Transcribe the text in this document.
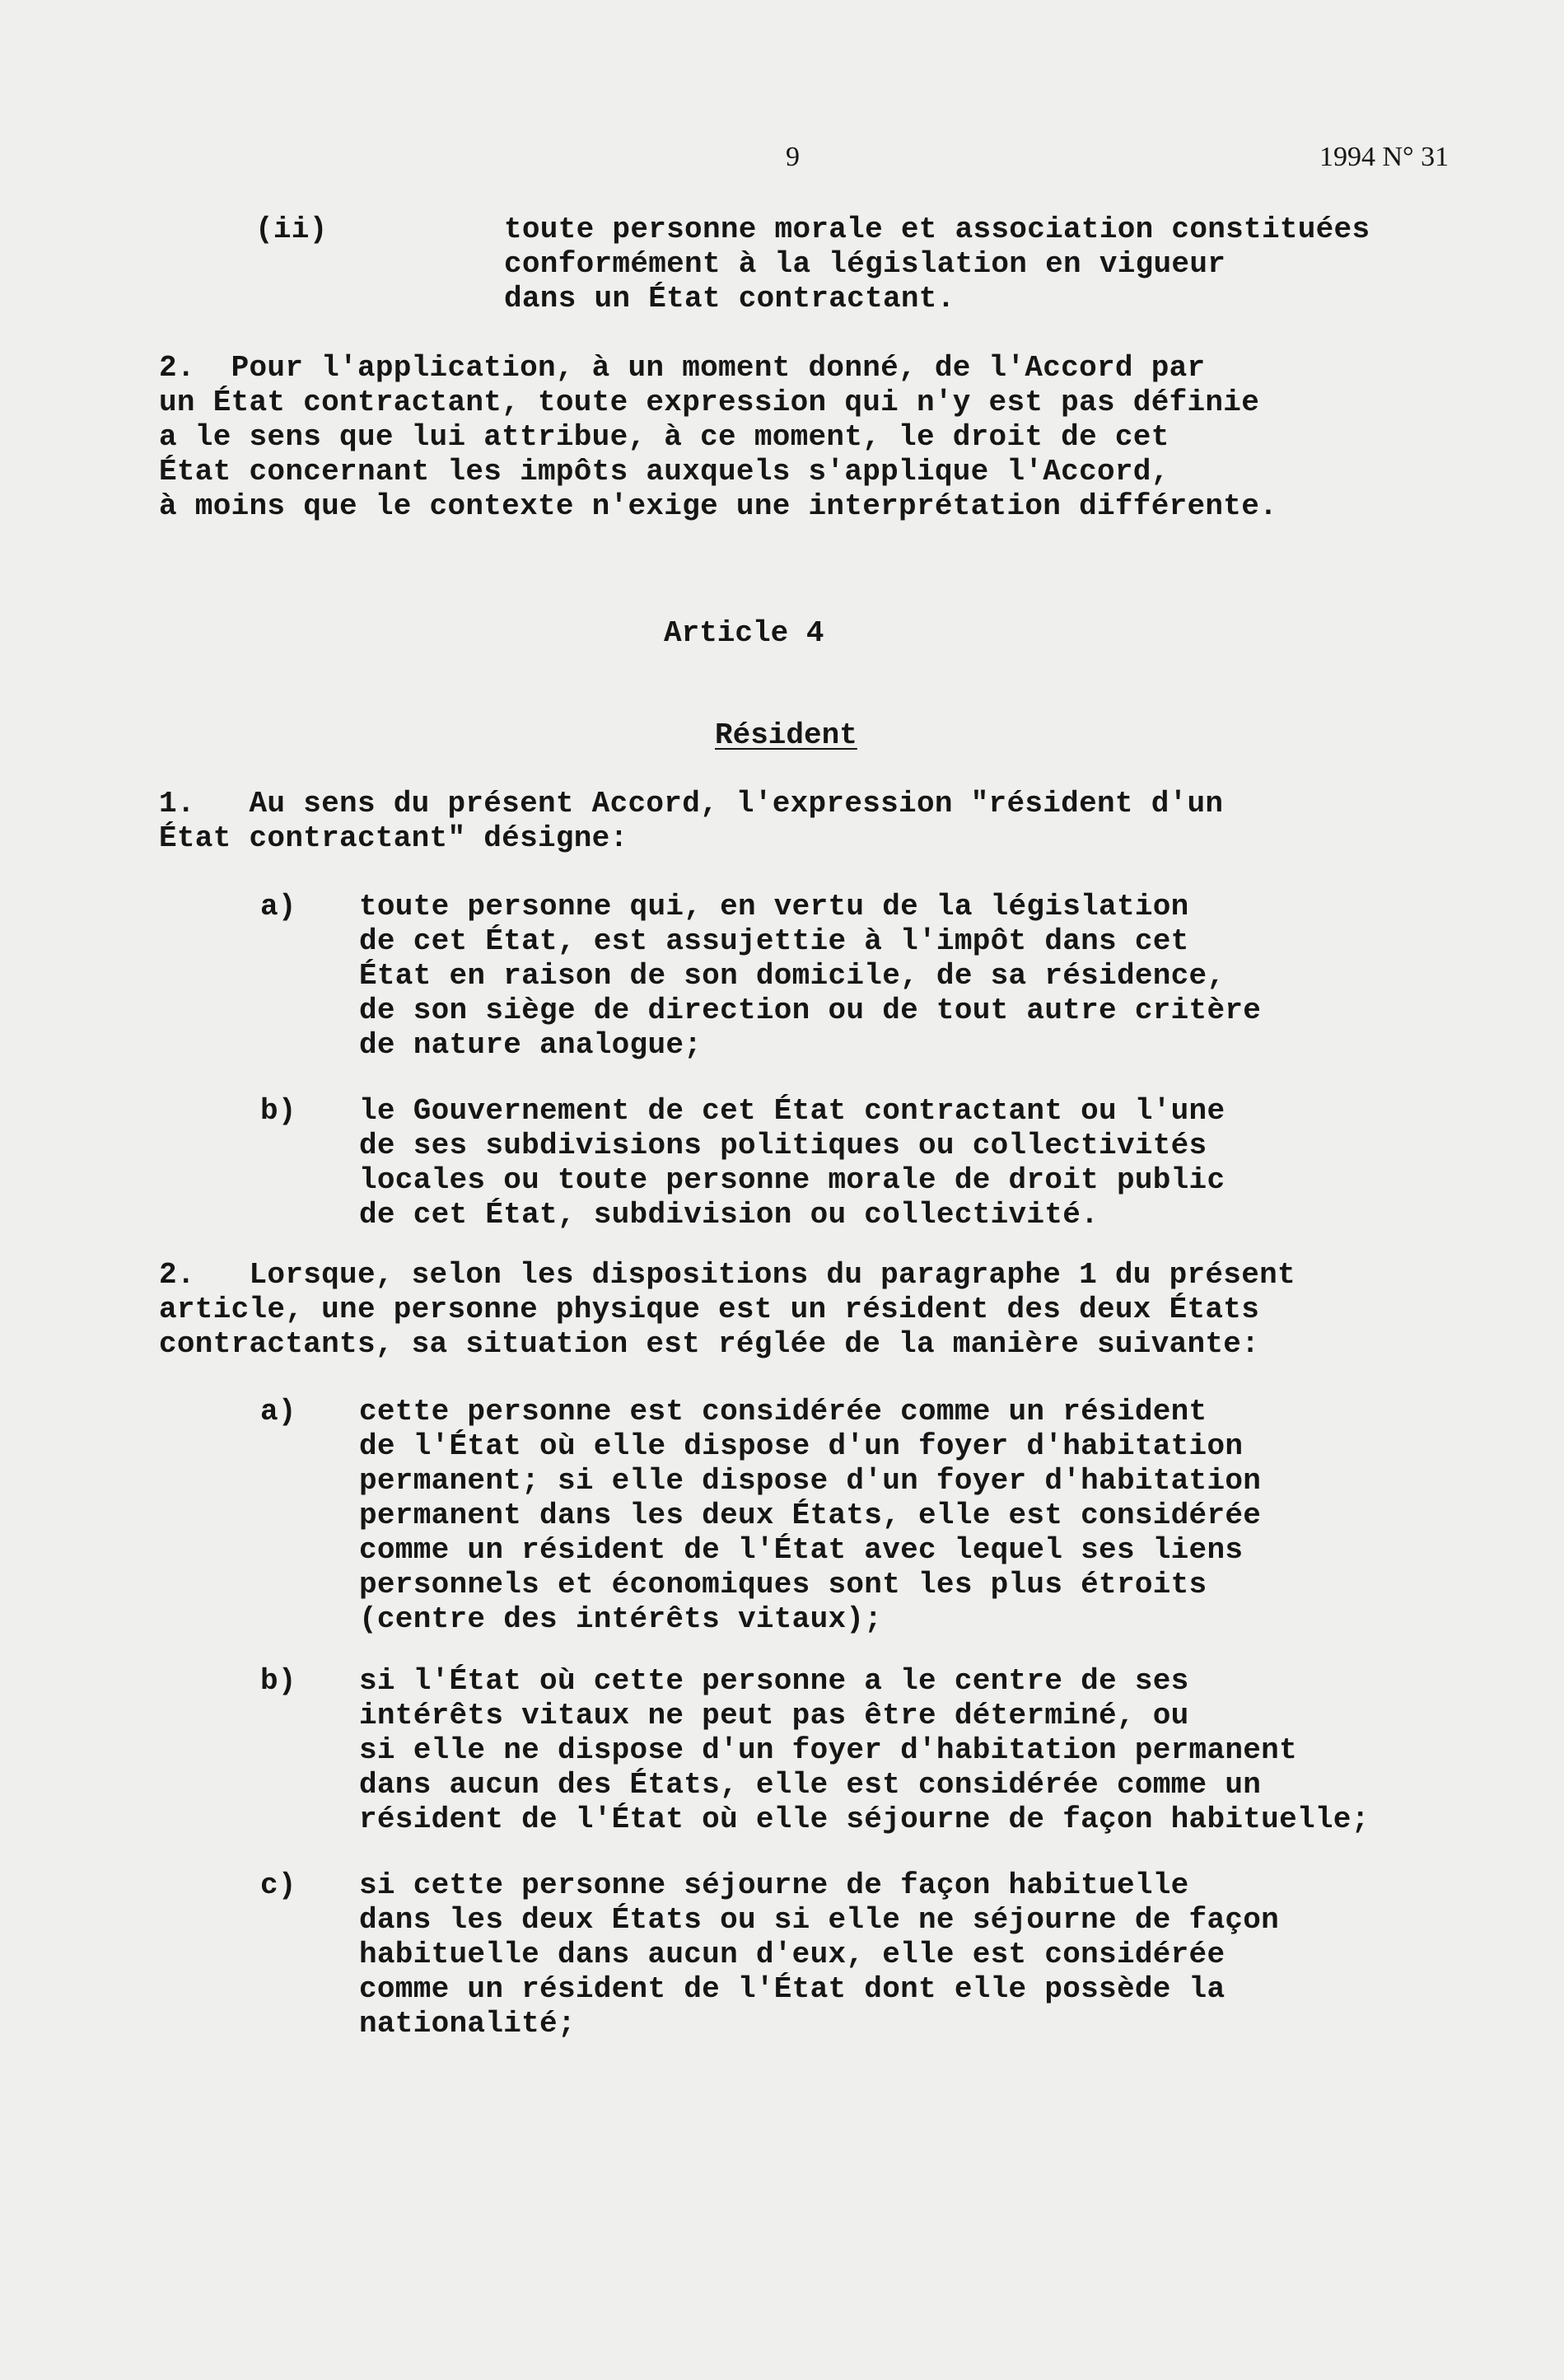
9	1994 N° 31
(ii)	toute personne morale et association constituées
conformément à la législation en vigueur
dans un État contractant.
2.  Pour l'application, à un moment donné, de l'Accord par
un État contractant, toute expression qui n'y est pas définie
a le sens que lui attribue, à ce moment, le droit de cet
État concernant les impôts auxquels s'applique l'Accord,
à moins que le contexte n'exige une interprétation différente.
Article 4
Résident
1.   Au sens du présent Accord, l'expression "résident d'un
État contractant" désigne:
a) toute personne qui, en vertu de la législation
de cet État, est assujettie à l'impôt dans cet
État en raison de son domicile, de sa résidence,
de son siège de direction ou de tout autre critère
de nature analogue;
b) le Gouvernement de cet État contractant ou l'une
de ses subdivisions politiques ou collectivités
locales ou toute personne morale de droit public
de cet État, subdivision ou collectivité.
2.   Lorsque, selon les dispositions du paragraphe 1 du présent
article, une personne physique est un résident des deux États
contractants, sa situation est réglée de la manière suivante:
a) cette personne est considérée comme un résident
de l'État où elle dispose d'un foyer d'habitation
permanent; si elle dispose d'un foyer d'habitation
permanent dans les deux États, elle est considérée
comme un résident de l'État avec lequel ses liens
personnels et économiques sont les plus étroits
(centre des intérêts vitaux);
b) si l'État où cette personne a le centre de ses
intérêts vitaux ne peut pas être déterminé, ou
si elle ne dispose d'un foyer d'habitation permanent
dans aucun des États, elle est considérée comme un
résident de l'État où elle séjourne de façon habituelle;
c) si cette personne séjourne de façon habituelle
dans les deux États ou si elle ne séjourne de façon
habituelle dans aucun d'eux, elle est considérée
comme un résident de l'État dont elle possède la
nationalité;
